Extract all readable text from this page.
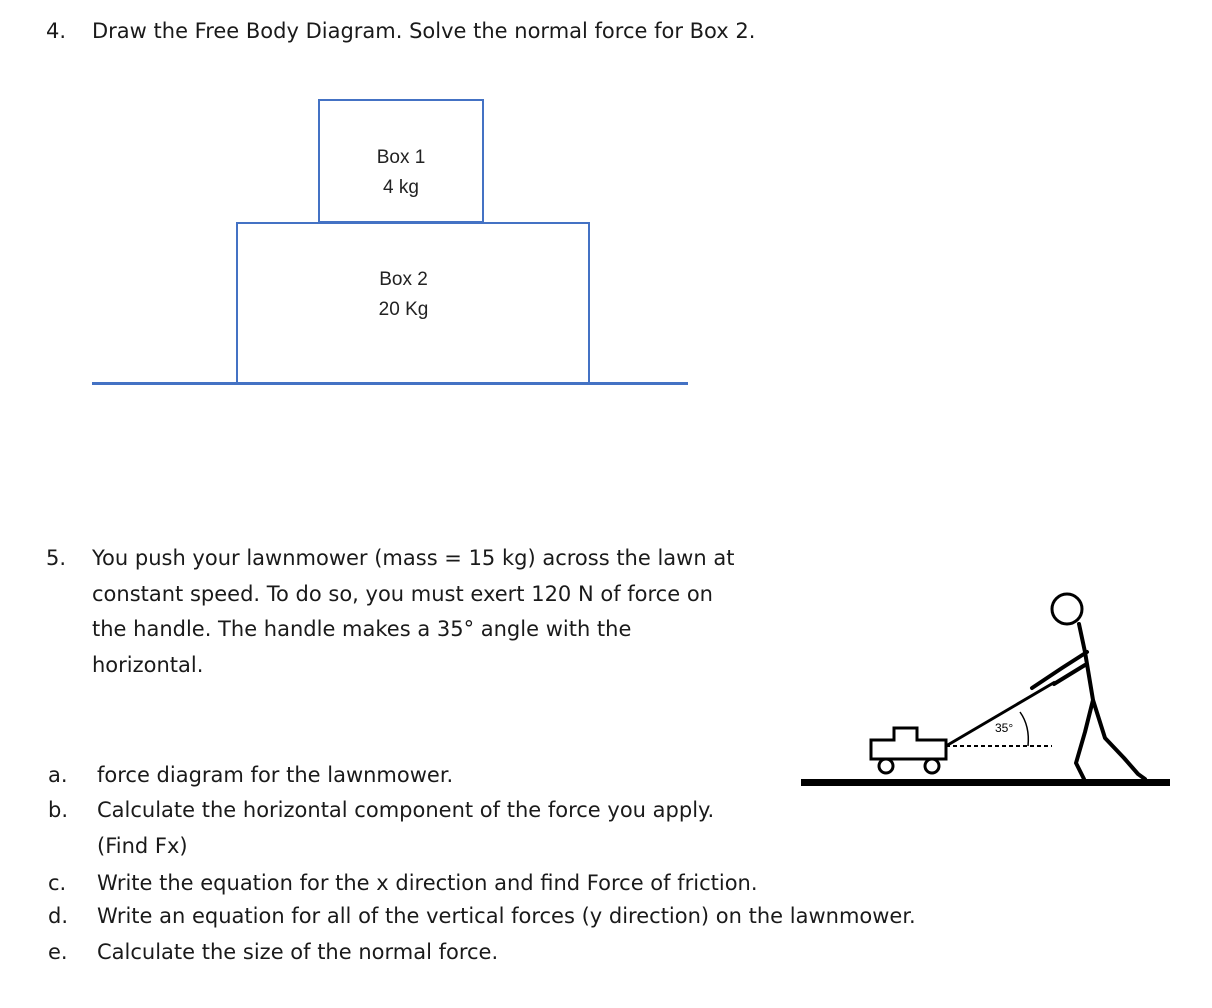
4. Draw the Free Body Diagram. Solve the normal force for Box 2.
Box 1
4 kg
Box 2
20 Kg
5. You push your lawnmower (mass = 15 kg) across the lawn at
constant speed. To do so, you must exert 120 N of force on
the handle. The handle makes a 35° angle with the
horizontal.
a. force diagram for the lawnmower.
b. Calculate the horizontal component of the force you apply.
(Find Fx)
c. Write the equation for the x direction and find Force of friction.
d. Write an equation for all of the vertical forces (y direction) on the lawnmower.
e. Calculate the size of the normal force.
35°
